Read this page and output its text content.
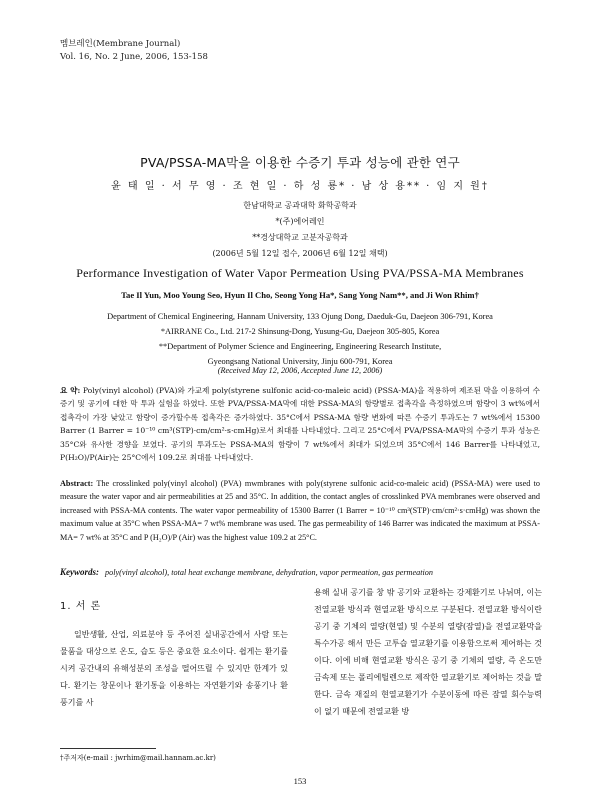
멤브레인(Membrane Journal)
Vol. 16, No. 2 June, 2006, 153-158
PVA/PSSA-MA막을 이용한 수증기 투과 성능에 관한 연구
윤 태 일 · 서 무 영 · 조 현 일 · 하 성 룡* · 남 상 용** · 임 지 원†
한남대학교 공과대학 화학공학과
*(주)에어레인
**경상대학교 고분자공학과
(2006년 5월 12일 접수, 2006년 6월 12일 채택)
Performance Investigation of Water Vapor Permeation Using PVA/PSSA-MA Membranes
Tae Il Yun, Moo Young Seo, Hyun Il Cho, Seong Yong Ha*, Sang Yong Nam**, and Ji Won Rhim†
Department of Chemical Engineering, Hannam University, 133 Ojung Dong, Daeduk-Gu, Daejeon 306-791, Korea
*AIRRANE Co., Ltd. 217-2 Shinsung-Dong, Yusung-Gu, Daejeon 305-805, Korea
**Department of Polymer Science and Engineering, Engineering Research Institute,
Gyeongsang National University, Jinju 600-791, Korea
(Received May 12, 2006, Accepted June 12, 2006)
요 약: Poly(vinyl alcohol) (PVA)와 가교제 poly(styrene sulfonic acid-co-maleic acid) (PSSA-MA)을 적용하여 제조된 막을 이용하여 수증기 및 공기에 대한 막 투과 실험을 하였다. 또한 PVA/PSSA-MA막에 대한 PSSA-MA의 함량별로 접촉각을 측정하였으며 함량이 3 wt%에서 접촉각이 가장 낮았고 함량이 증가할수록 접촉각은 증가하였다. 35°C에서 PSSA-MA 함량 변화에 따른 수증기 투과도는 7 wt%에서 15300 Barrer (1 Barrer = 10⁻¹⁰ cm³(STP)·cm/cm²·s·cmHg)로서 최대를 나타내었다. 그리고 25°C에서 PVA/PSSA-MA막의 수증기 투과 성능은 35°C와 유사한 경향을 보였다. 공기의 투과도는 PSSA-MA의 함량이 7 wt%에서 최대가 되었으며 35°C에서 146 Barrer를 나타내었고, P(H₂O)/P(Air)는 25°C에서 109.2로 최대를 나타내었다.
Abstract: The crosslinked poly(vinyl alcohol) (PVA) mwmbranes with poly(styrene sulfonic acid-co-maleic acid) (PSSA-MA) were used to measure the water vapor and air permeabilities at 25 and 35°C. In addition, the contact angles of crosslinked PVA membranes were observed and increased with PSSA-MA contents. The water vapor permeability of 15300 Barrer (1 Barrer = 10⁻¹⁰ cm³(STP)·cm/cm²·s·cmHg) was shown the maximum value at 35°C when PSSA-MA= 7 wt% membrane was used. The gas permeability of 146 Barrer was indicated the maximum at PSSA-MA= 7 wt% at 35°C and P (H₂O)/P (Air) was the highest value 109.2 at 25°C.
Keywords: poly(vinyl alcohol), total heat exchange membrane, dehydration, vapor permeation, gas permeation
1. 서 론
일반생활, 산업, 의료분야 등 주어진 실내공간에서 사람 또는 물품을 대상으로 온도, 습도 등은 중요한 요소이다. 쉽게는 환기를 시켜 공간내의 유해성분의 조성을 떨어뜨릴 수 있지만 한계가 있다. 환기는 창문이나 환기통을 이용하는 자연환기와 송풍기나 환풍기를 사
용해 실내 공기를 창 밖 공기와 교환하는 강제환기로 나뉘며, 이는 전열교환 방식과 현열교환 방식으로 구분된다. 전열교환 방식이란 공기 중 기체의 열량(현열) 및 수분의 열량(잠열)을 전열교환막을 특수가공 해서 만든 고투습 열교환기를 이용함으로써 제어하는 것이다. 이에 비해 현열교환 방식은 공기 중 기체의 열량, 즉 온도만 금속제 또는 폴리에틸렌으로 제작한 열교환기로 제어하는 것을 말한다. 금속 재질의 현열교환기가 수분이동에 따른 잠열 회수능력이 없기 때문에 전열교환 방
†주저자(e-mail : jwrhim@mail.hannam.ac.kr)
153
